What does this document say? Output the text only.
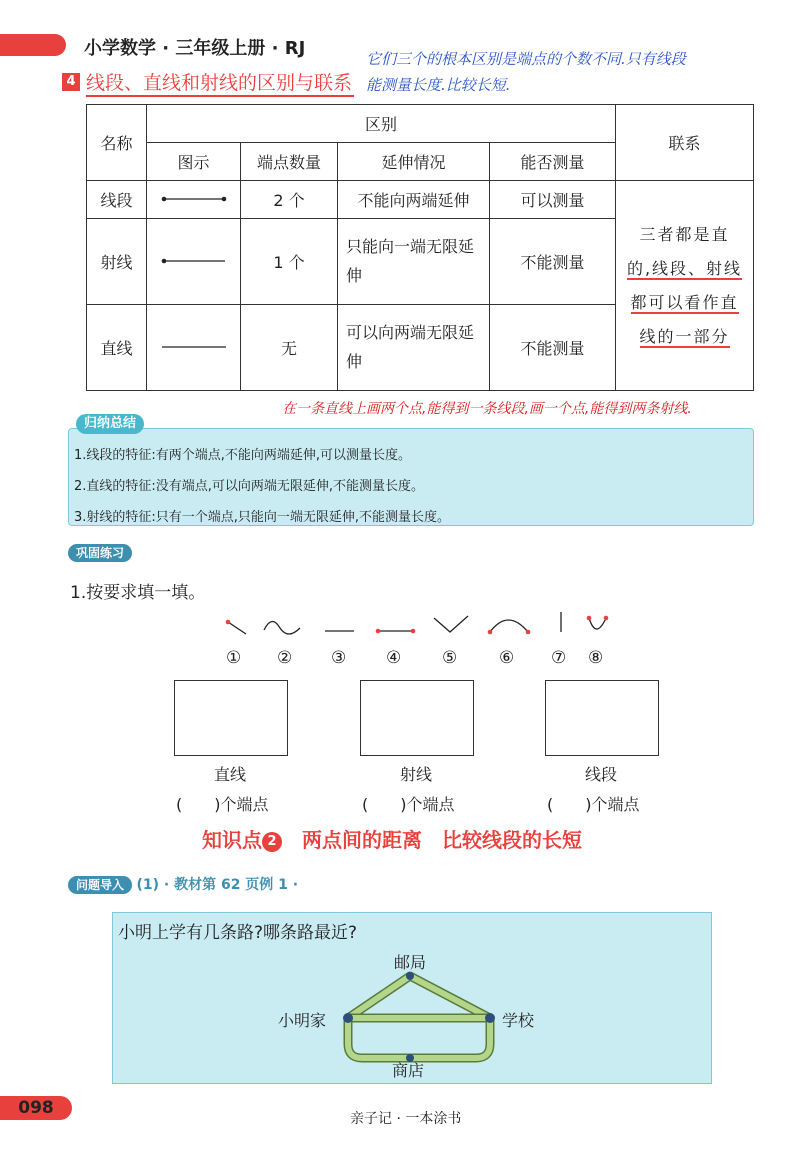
小学数学 · 三年级上册 · RJ
4 线段、直线和射线的区别与联系
它们三个的根本区别是端点的个数不同.只有线段
能测量长度.比较长短.
名称	区别				联系
	图示	端点数量	延伸情况	能否测量	
线段		2 个	不能向两端延伸	可以测量	三者都是直
的,线段、射线
都可以看作直
线的一部分

射线		1 个	只能向一端无限延伸	不能测量	
直线		无	可以向两端无限延伸	不能测量	
在一条直线上画两个点,能得到一条线段,画一个点,能得到两条射线.
归纳总结
1.线段的特征:有两个端点,不能向两端延伸,可以测量长度。
2.直线的特征:没有端点,可以向两端无限延伸,不能测量长度。
3.射线的特征:只有一个端点,只能向一端无限延伸,不能测量长度。
巩固练习
1.按要求填一填。
① ② ③ ④ ⑤ ⑥ ⑦ ⑧
直线	射线	线段
(　　)个端点	(　　)个端点	(　　)个端点
知识点 2　 两点间的距离　比较线段的长短
问题导入 (1) · 教材第 62 页例 1 ·
小明上学有几条路?哪条路最近?
邮局
小明家	学校
商店
098
亲子记 · 一本涂书
